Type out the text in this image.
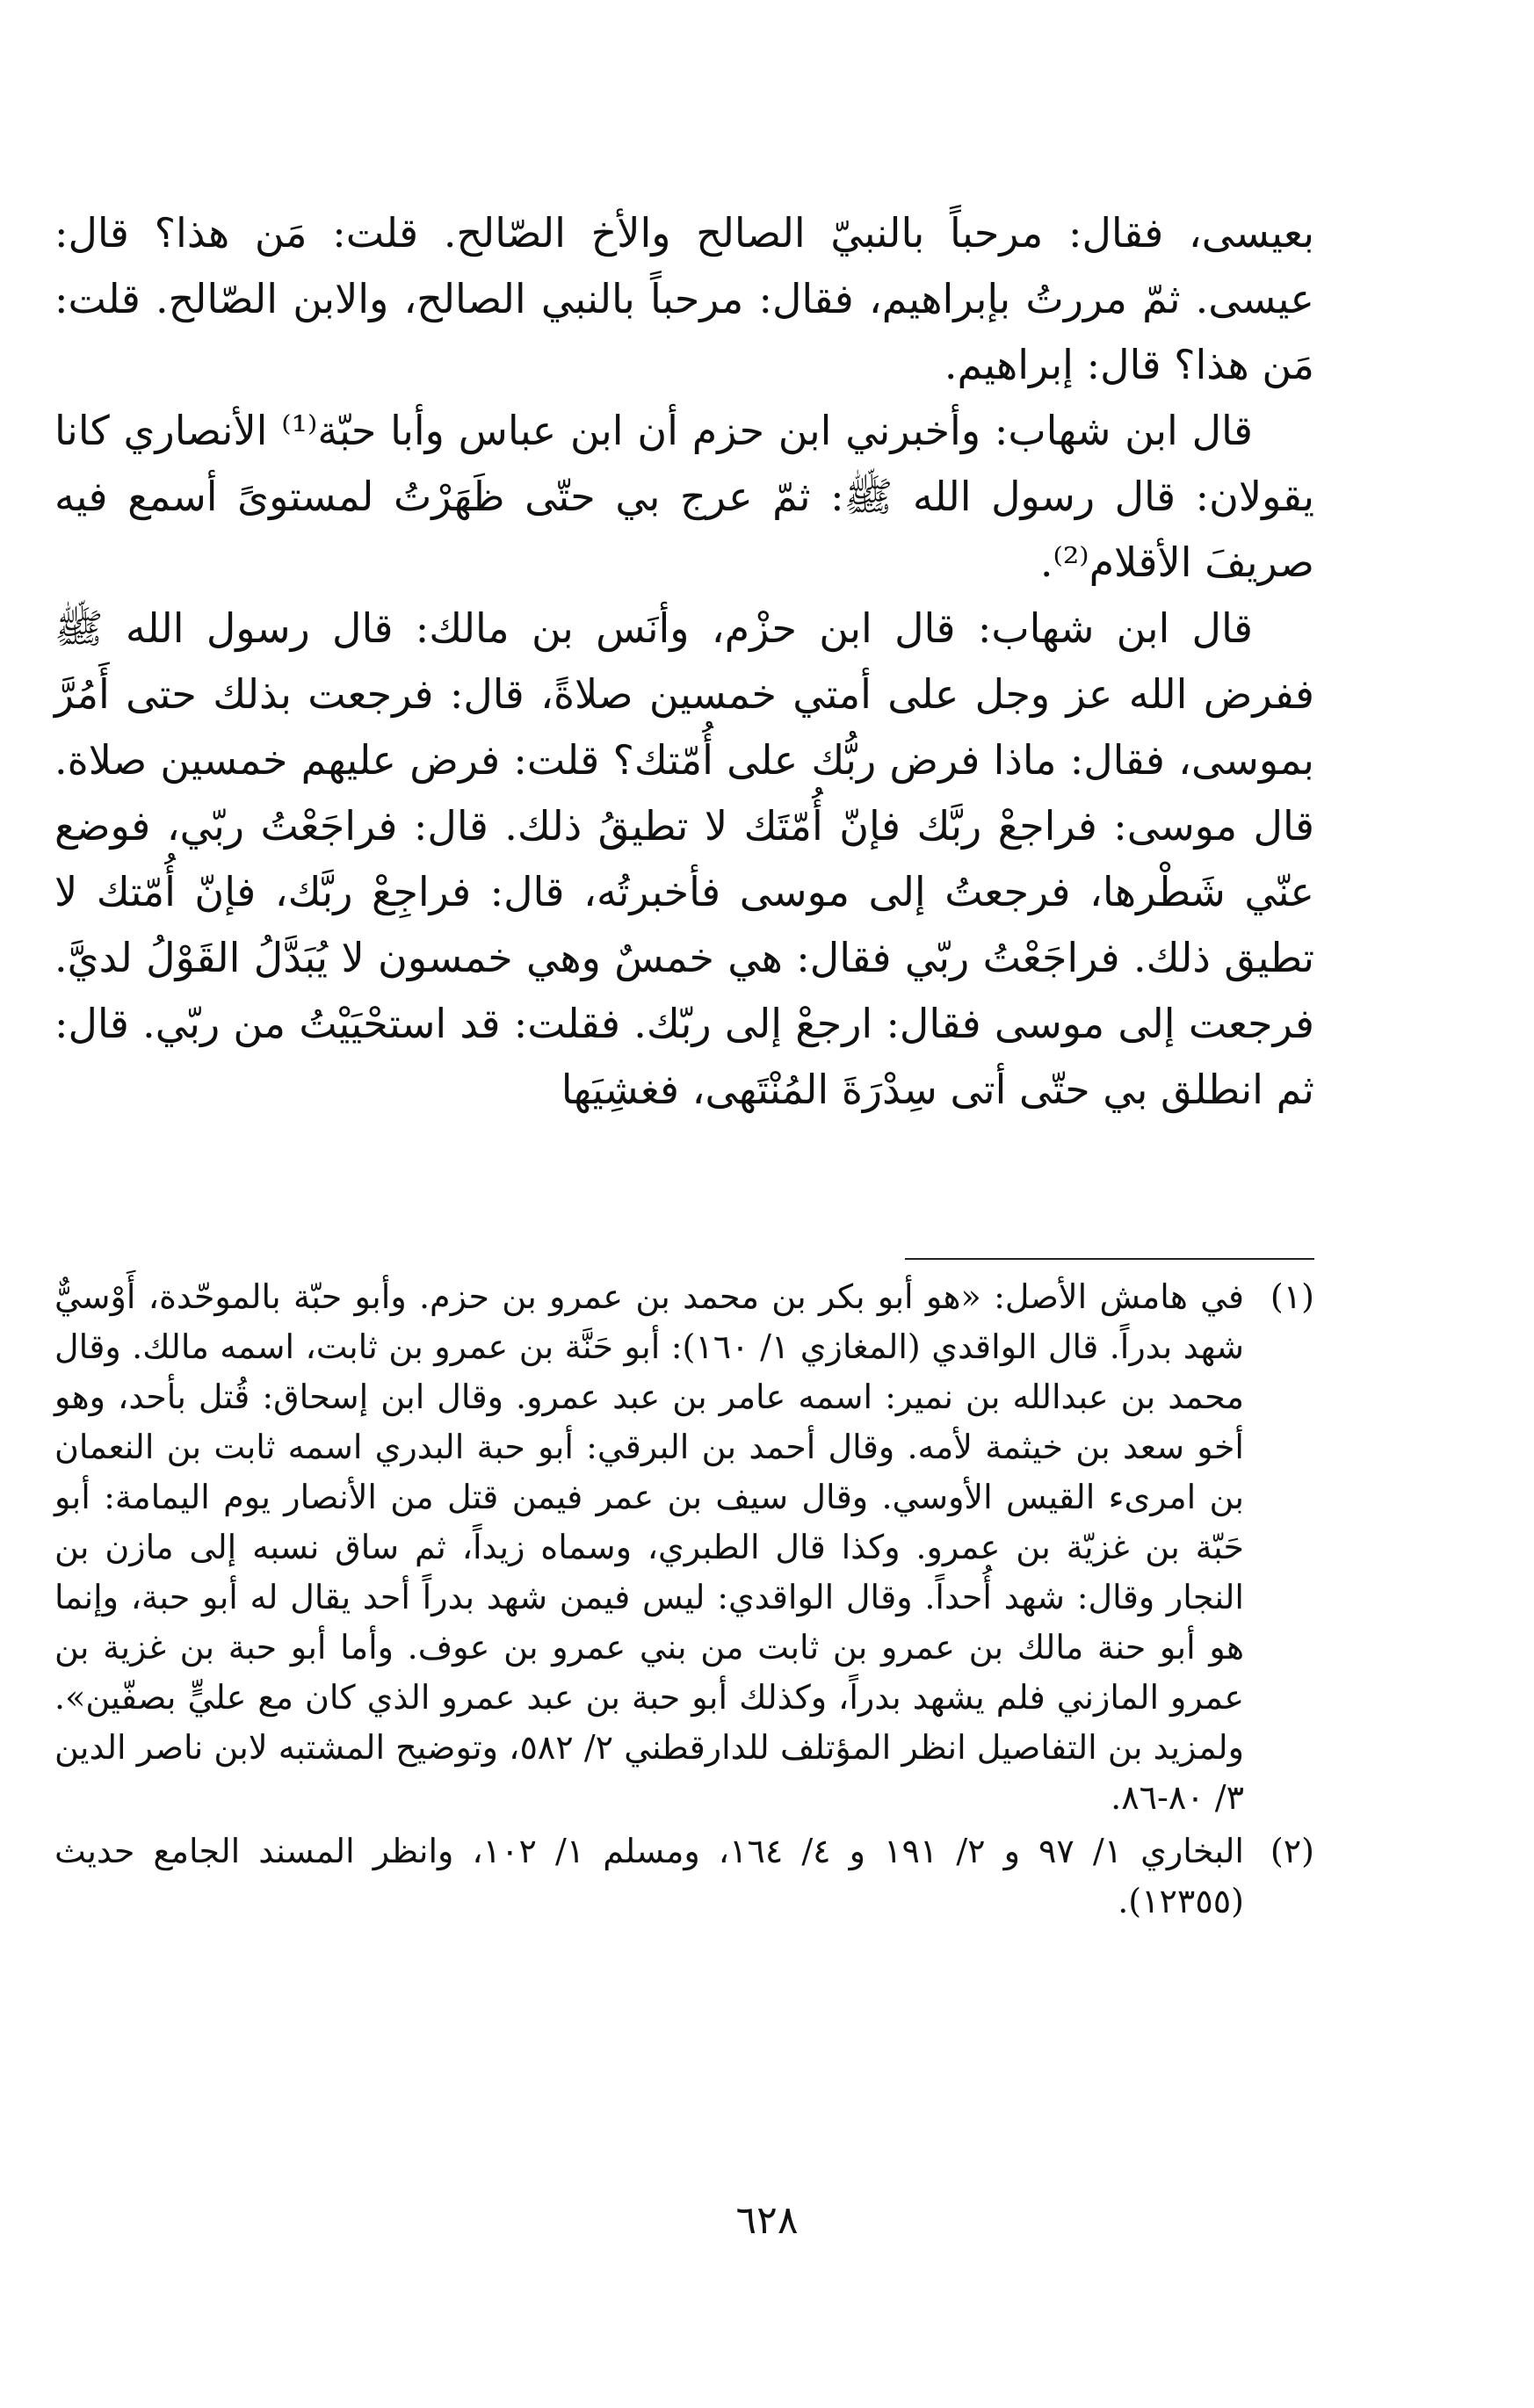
بعيسى، فقال: مرحباً بالنبيّ الصالح والأخ الصّالح. قلت: مَن هذا؟ قال: عيسى. ثمّ مررتُ بإبراهيم، فقال: مرحباً بالنبي الصالح، والابن الصّالح. قلت: مَن هذا؟ قال: إبراهيم.

قال ابن شهاب: وأخبرني ابن حزم أن ابن عباس وأبا حبّة⁽¹⁾ الأنصاري كانا يقولان: قال رسول الله ﷺ: ثمّ عرج بي حتّى ظَهَرْتُ لمستوىً أسمع فيه صريفَ الأقلام⁽²⁾.

قال ابن شهاب: قال ابن حزْم، وأنَس بن مالك: قال رسول الله ﷺ ففرض الله عز وجل على أمتي خمسين صلاةً، قال: فرجعت بذلك حتى أَمُرَّ بموسى، فقال: ماذا فرض ربُّك على أُمّتك؟ قلت: فرض عليهم خمسين صلاة. قال موسى: فراجعْ ربَّك فإنّ أُمّتَك لا تطيقُ ذلك. قال: فراجَعْتُ ربّي، فوضع عنّي شَطْرها، فرجعتُ إلى موسى فأخبرتُه، قال: فراجِعْ ربَّك، فإنّ أُمّتك لا تطيق ذلك. فراجَعْتُ ربّي فقال: هي خمسٌ وهي خمسون لا يُبَدَّلُ القَوْلُ لديَّ. فرجعت إلى موسى فقال: ارجعْ إلى ربّك. فقلت: قد استحْيَيْتُ من ربّي. قال: ثم انطلق بي حتّى أتى سِدْرَةَ المُنْتَهى، فغشِيَها

(١)
في هامش الأصل: «هو أبو بكر بن محمد بن عمرو بن حزم. وأبو حبّة بالموحّدة، أَوْسيٌّ شهد بدراً. قال الواقدي (المغازي ١/ ١٦٠): أبو حَنَّة بن عمرو بن ثابت، اسمه مالك. وقال محمد بن عبدالله بن نمير: اسمه عامر بن عبد عمرو. وقال ابن إسحاق: قُتل بأحد، وهو أخو سعد بن خيثمة لأمه. وقال أحمد بن البرقي: أبو حبة البدري اسمه ثابت بن النعمان بن امرىء القيس الأوسي. وقال سيف بن عمر فيمن قتل من الأنصار يوم اليمامة: أبو حَبّة بن غزيّة بن عمرو. وكذا قال الطبري، وسماه زيداً، ثم ساق نسبه إلى مازن بن النجار وقال: شهد أُحداً. وقال الواقدي: ليس فيمن شهد بدراً أحد يقال له أبو حبة، وإنما هو أبو حنة مالك بن عمرو بن ثابت من بني عمرو بن عوف. وأما أبو حبة بن غزية بن عمرو المازني فلم يشهد بدراً، وكذلك أبو حبة بن عبد عمرو الذي كان مع عليٍّ بصفّين». ولمزيد بن التفاصيل انظر المؤتلف للدارقطني ٢/ ٥٨٢، وتوضيح المشتبه لابن ناصر الدين ٣/ ٨٠-٨٦.
(٢)
البخاري ١/ ٩٧ و ٢/ ١٩١ و ٤/ ١٦٤، ومسلم ١/ ١٠٢، وانظر المسند الجامع حديث (١٢٣٥٥).
٦٢٨
